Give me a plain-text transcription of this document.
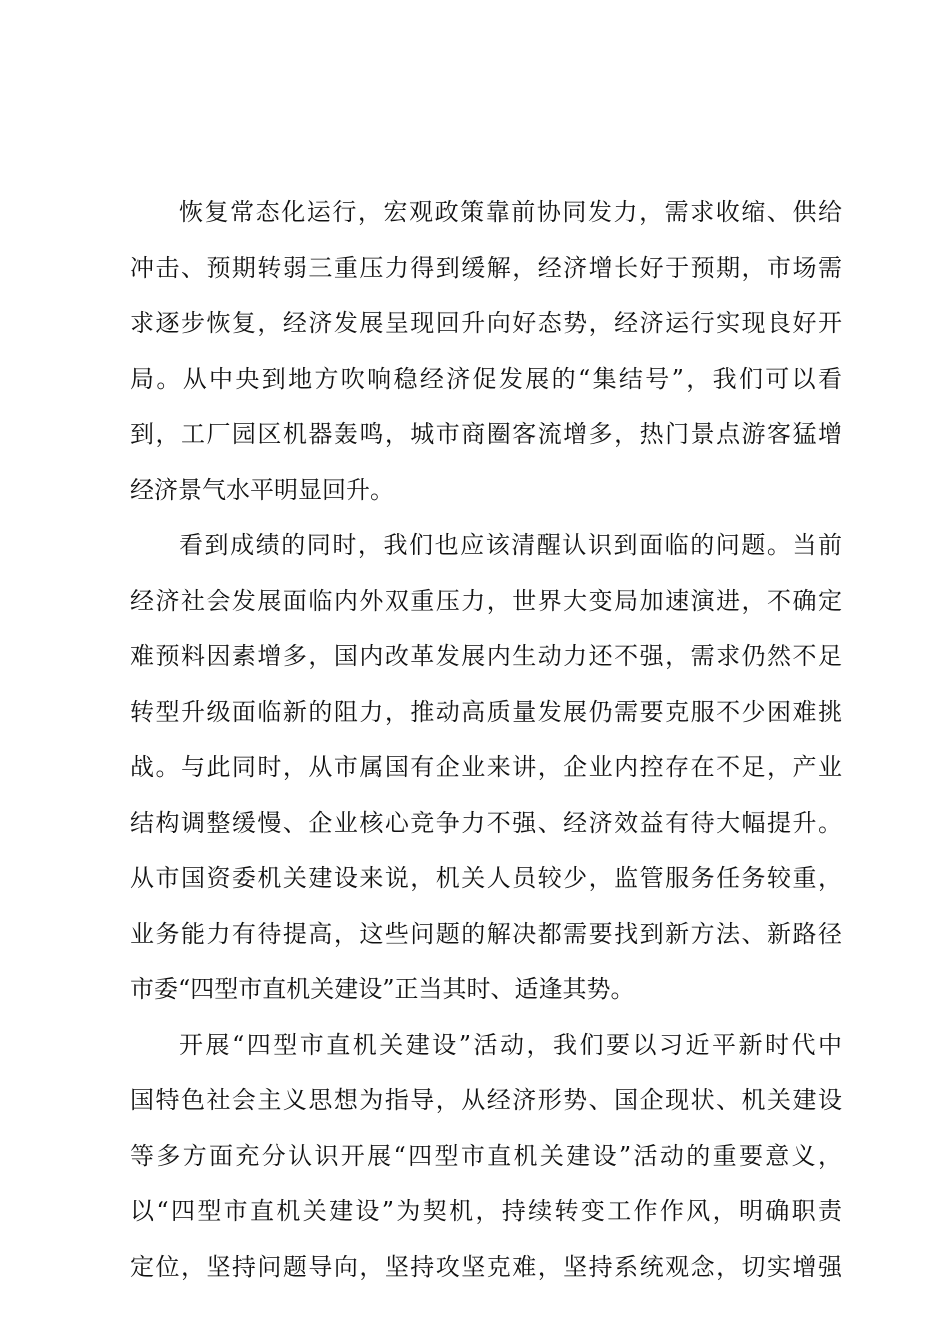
恢复常态化运行，宏观政策靠前协同发力，需求收缩、供给
冲击、预期转弱三重压力得到缓解，经济增长好于预期，市场需
求逐步恢复，经济发展呈现回升向好态势，经济运行实现良好开
局。从中央到地方吹响稳经济促发展的“集结号”，我们可以看
到，工厂园区机器轰鸣，城市商圈客流增多，热门景点游客猛增
经济景气水平明显回升。
看到成绩的同时，我们也应该清醒认识到面临的问题。当前
经济社会发展面临内外双重压力，世界大变局加速演进，不确定
难预料因素增多，国内改革发展内生动力还不强，需求仍然不足
转型升级面临新的阻力，推动高质量发展仍需要克服不少困难挑
战。与此同时，从市属国有企业来讲，企业内控存在不足，产业
结构调整缓慢、企业核心竞争力不强、经济效益有待大幅提升。
从市国资委机关建设来说，机关人员较少，监管服务任务较重，
业务能力有待提高，这些问题的解决都需要找到新方法、新路径
市委“四型市直机关建设”正当其时、适逢其势。
开展“四型市直机关建设”活动，我们要以习近平新时代中
国特色社会主义思想为指导，从经济形势、国企现状、机关建设
等多方面充分认识开展“四型市直机关建设”活动的重要意义，
以“四型市直机关建设”为契机，持续转变工作作风，明确职责
定位，坚持问题导向，坚持攻坚克难，坚持系统观念，切实增强
